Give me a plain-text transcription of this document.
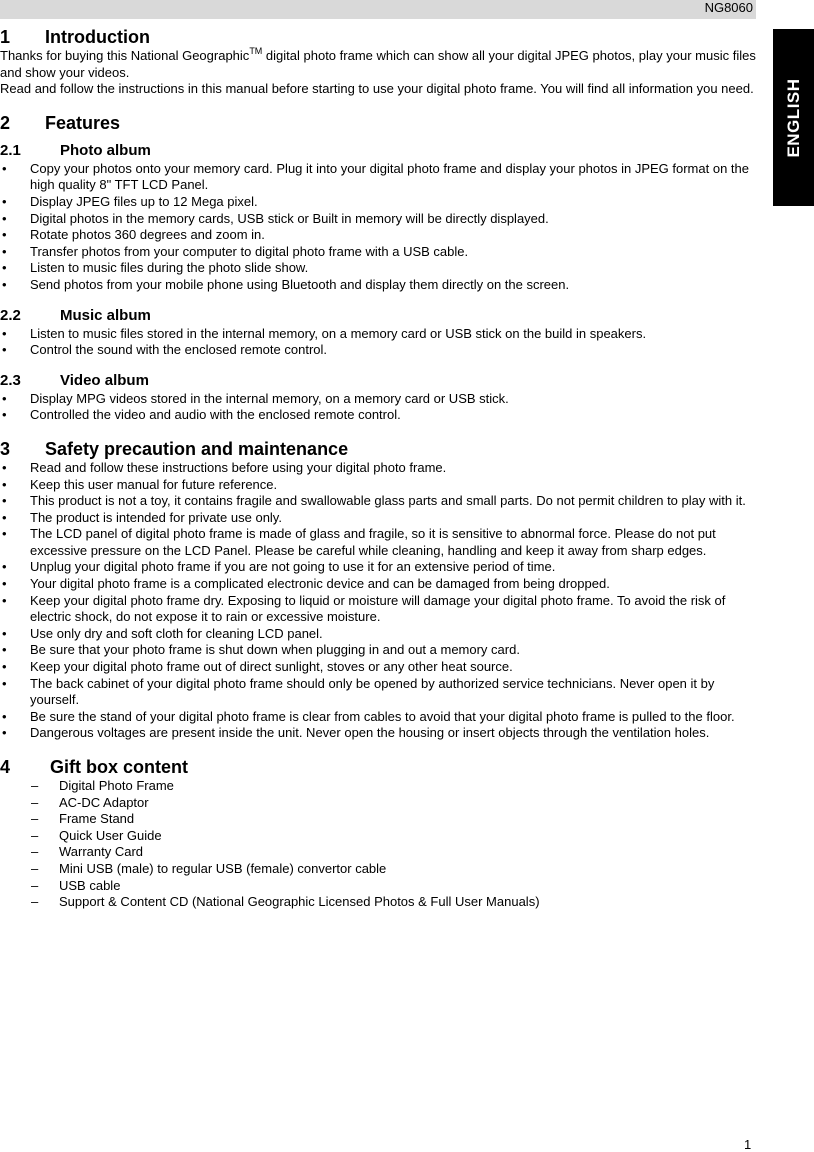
NG8060
ENGLISH
1	Introduction

Thanks for buying this National Geographic™ digital photo frame which can show all your digital JPEG photos, play your music files and show your videos.

Read and follow the instructions in this manual before starting to use your digital photo frame. You will find all information you need.

2	Features
2.1	Photo album
• Copy your photos onto your memory card. Plug it into your digital photo frame and display your photos in JPEG format on the high quality 8" TFT LCD Panel.
• Display JPEG files up to 12 Mega pixel.
• Digital photos in the memory cards, USB stick or Built in memory will be directly displayed.
• Rotate photos 360 degrees and zoom in.
• Transfer photos from your computer to digital photo frame with a USB cable.
• Listen to music files during the photo slide show.
• Send photos from your mobile phone using Bluetooth and display them directly on the screen.
2.2	Music album
• Listen to music files stored in the internal memory, on a memory card or USB stick on the build in speakers.
• Control the sound with the enclosed remote control.
2.3	Video album
• Display MPG videos stored in the internal memory, on a memory card or USB stick.
• Controlled the video and audio with the enclosed remote control.
3	Safety precaution and maintenance
• Read and follow these instructions before using your digital photo frame.
• Keep this user manual for future reference.
• This product is not a toy, it contains fragile and swallowable glass parts and small parts. Do not permit children to play with it.
• The product is intended for private use only.
• The LCD panel of digital photo frame is made of glass and fragile, so it is sensitive to abnormal force. Please do not put excessive pressure on the LCD Panel. Please be careful while cleaning, handling and keep it away from sharp edges.
• Unplug your digital photo frame if you are not going to use it for an extensive period of time.
• Your digital photo frame is a complicated electronic device and can be damaged from being dropped.
• Keep your digital photo frame dry. Exposing to liquid or moisture will damage your digital photo frame. To avoid the risk of electric shock, do not expose it to rain or excessive moisture.
• Use only dry and soft cloth for cleaning LCD panel.
• Be sure that your photo frame is shut down when plugging in and out a memory card.
• Keep your digital photo frame out of direct sunlight, stoves or any other heat source.
• The back cabinet of your digital photo frame should only be opened by authorized service technicians. Never open it by yourself.
• Be sure the stand of your digital photo frame is clear from cables to avoid that your digital photo frame is pulled to the floor.
• Dangerous voltages are present inside the unit. Never open the housing or insert objects through the ventilation holes.
4	Gift box content
– Digital Photo Frame
– AC-DC Adaptor
– Frame Stand
– Quick User Guide
– Warranty Card
– Mini USB (male) to regular USB (female) convertor cable
– USB cable
– Support & Content CD (National Geographic Licensed Photos & Full User Manuals)
1
